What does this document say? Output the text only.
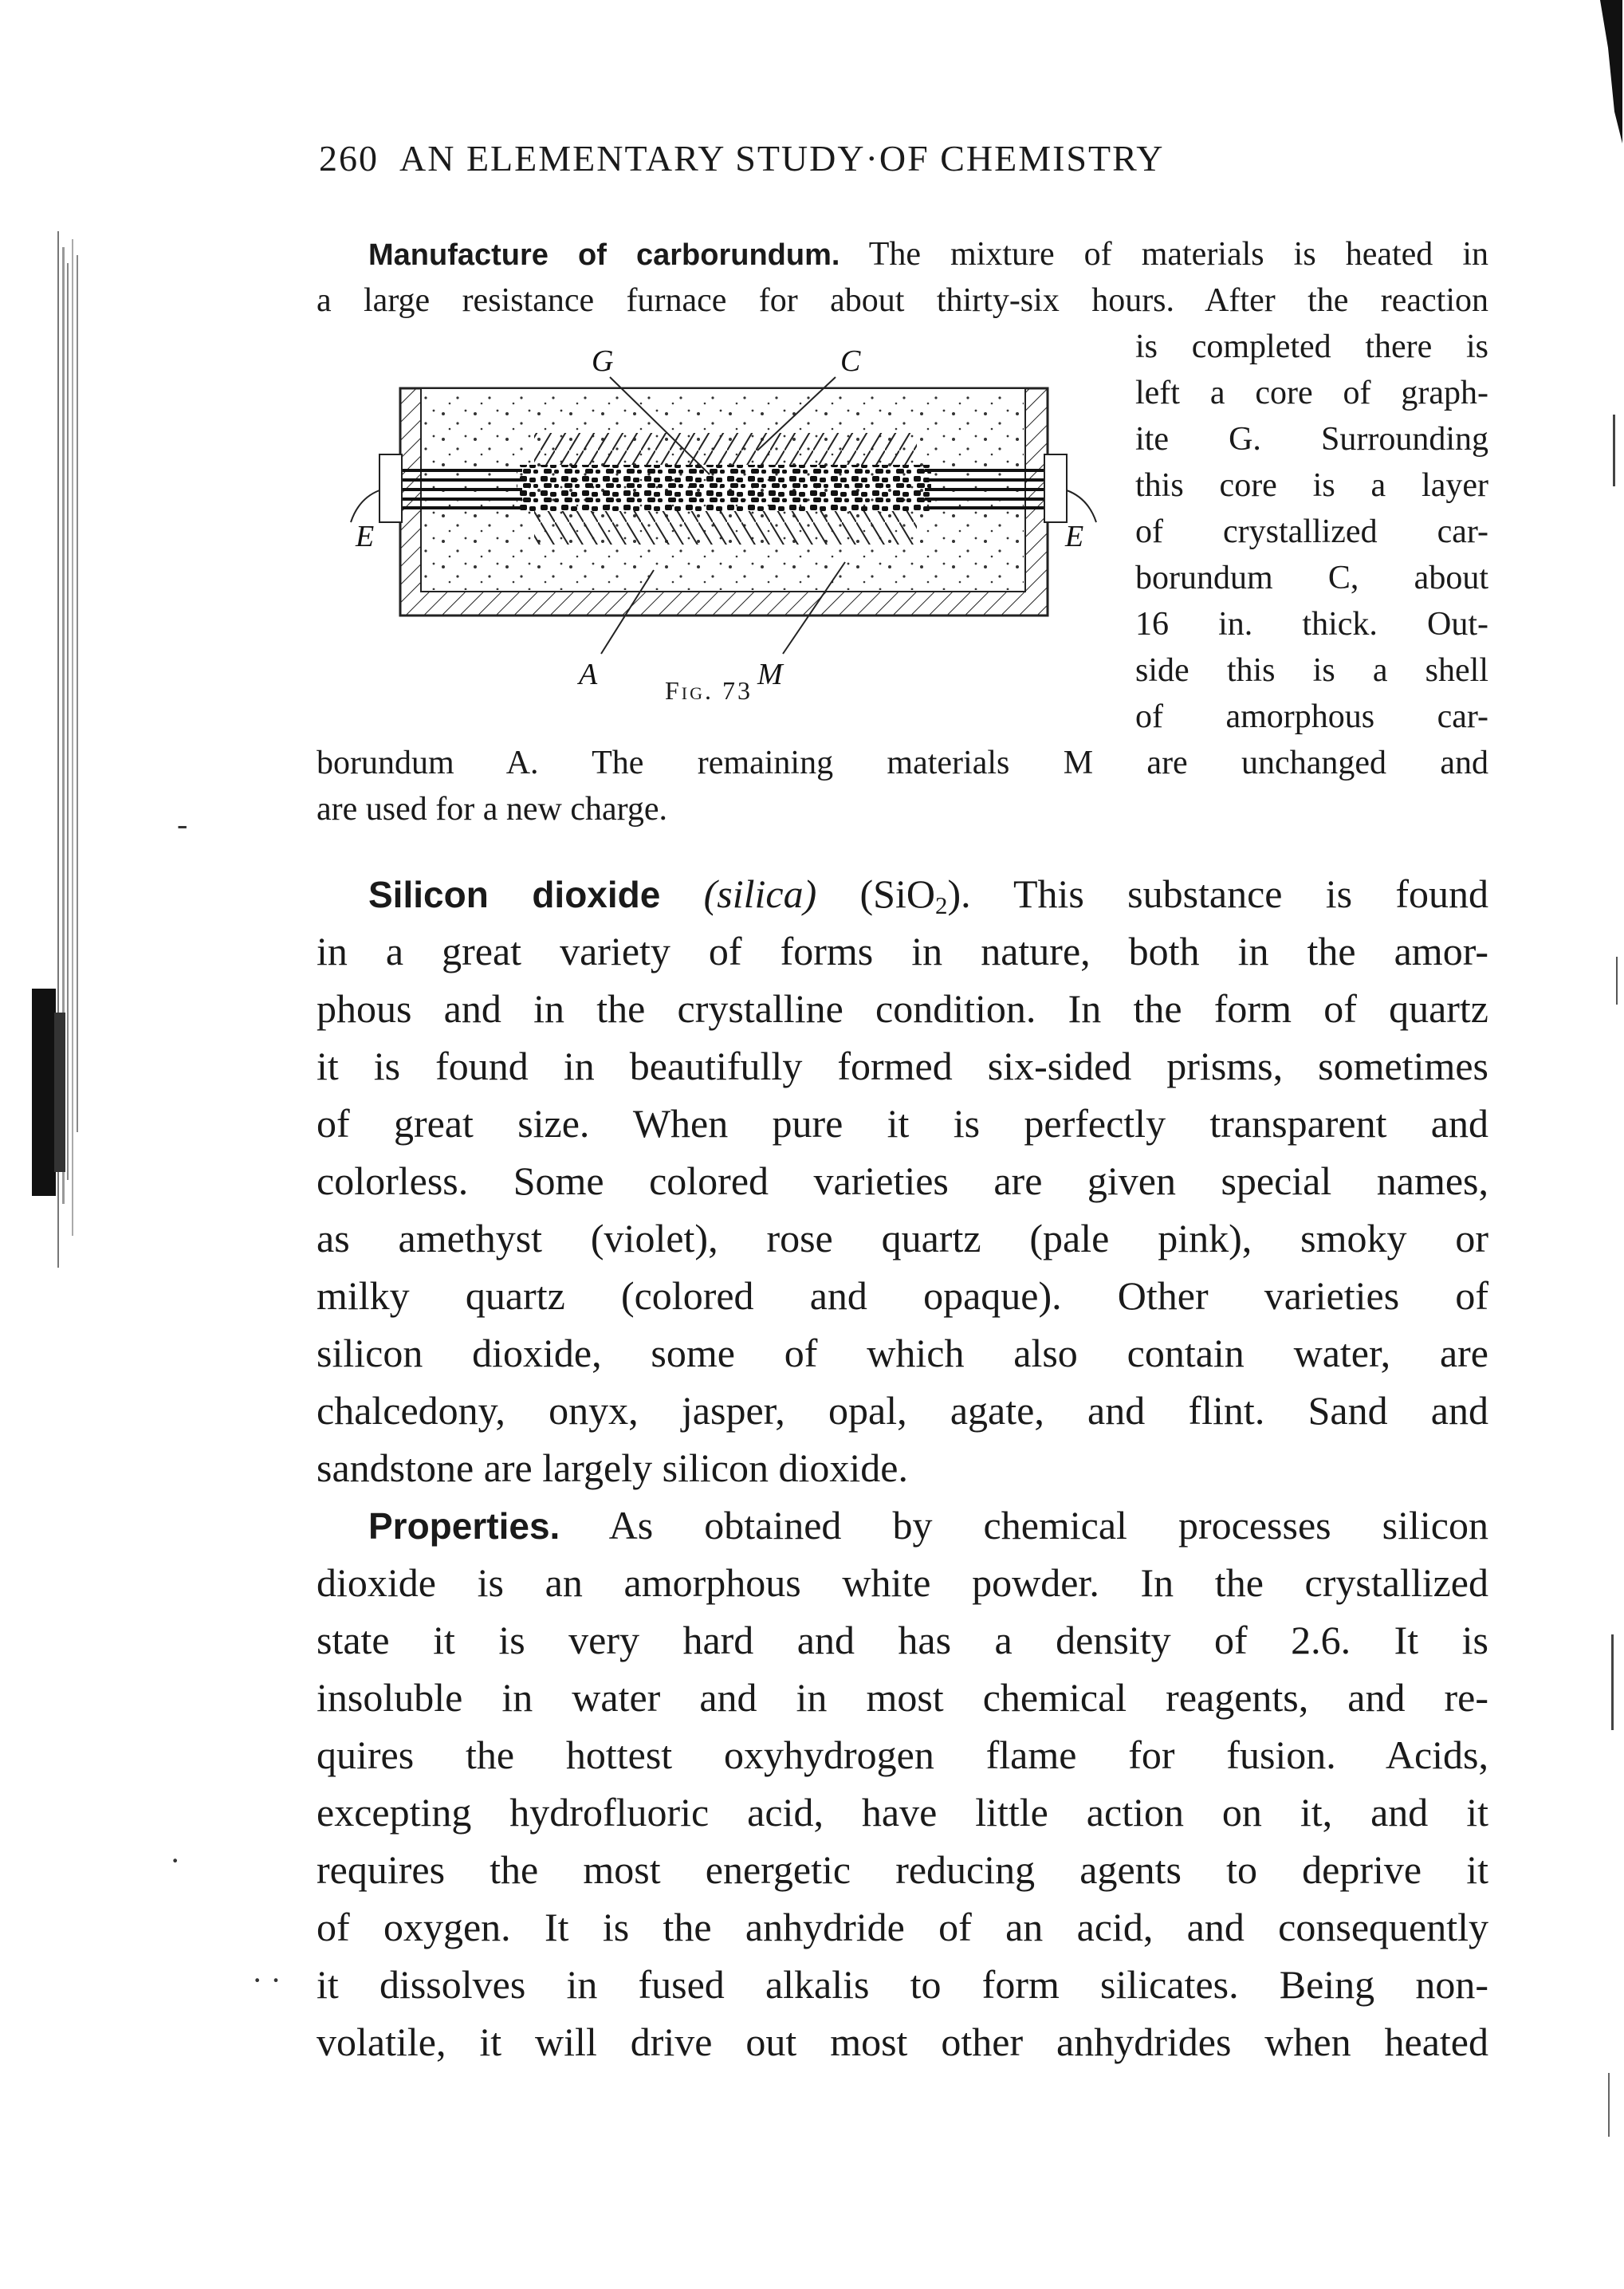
-
·
· ·
260 AN ELEMENTARY STUDY·OF CHEMISTRY
Manufacture of carborundum. The mixture of materials is heated in
a large resistance furnace for about thirty-six hours. After the reaction
is completed there is
left a core of graph-
ite G. Surrounding
this core is a layer
of crystallized car-
borundum C, about
16 in. thick. Out-
side this is a shell
of amorphous car-
G	C
E	E
A	M
Fig. 73
borundum A. The remaining materials M are unchanged and
are used for a new charge.
Silicon dioxide (silica) (SiO$_2$). This substance is found
in a great variety of forms in nature, both in the amor-
phous and in the crystalline condition. In the form of quartz
it is found in beautifully formed six-sided prisms, sometimes
of great size. When pure it is perfectly transparent and
colorless. Some colored varieties are given special names,
as amethyst (violet), rose quartz (pale pink), smoky or
milky quartz (colored and opaque). Other varieties of
silicon dioxide, some of which also contain water, are
chalcedony, onyx, jasper, opal, agate, and flint. Sand and
sandstone are largely silicon dioxide.
Properties. As obtained by chemical processes silicon
dioxide is an amorphous white powder. In the crystallized
state it is very hard and has a density of 2.6. It is
insoluble in water and in most chemical reagents, and re-
quires the hottest oxyhydrogen flame for fusion. Acids,
excepting hydrofluoric acid, have little action on it, and it
requires the most energetic reducing agents to deprive it
of oxygen. It is the anhydride of an acid, and consequently
it dissolves in fused alkalis to form silicates. Being non-
volatile, it will drive out most other anhydrides when heated
